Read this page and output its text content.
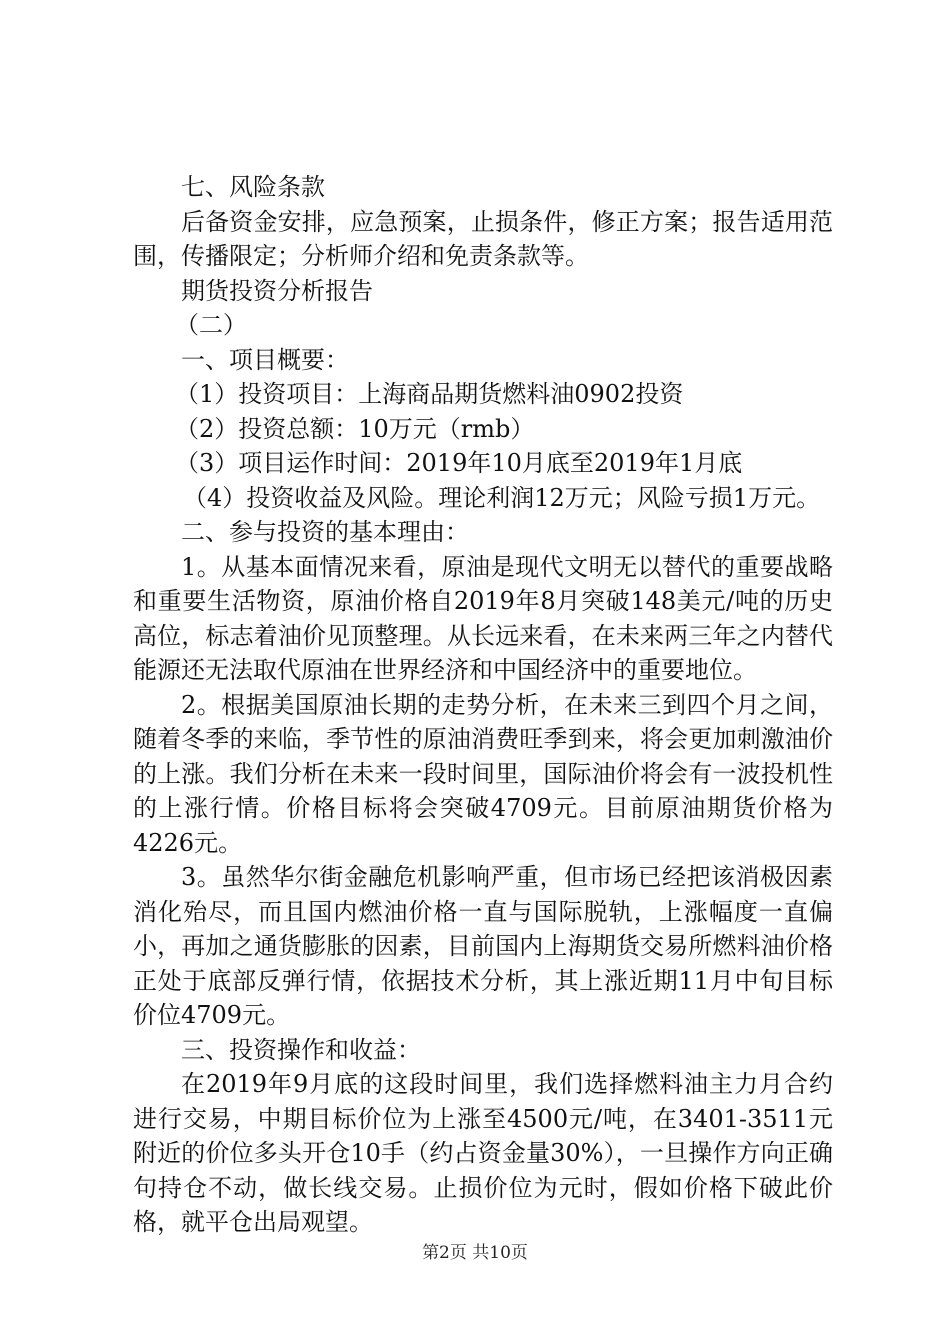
七、风险条款

后备资金安排，应急预案，止损条件，修正方案；报告适用范围，传播限定；分析师介绍和免责条款等。

期货投资分析报告

（二）

一、项目概要：

（1）投资项目：上海商品期货燃料油0902投资

（2）投资总额：10万元（rmb）

（3）项目运作时间：2019年10月底至2019年1月底

（4）投资收益及风险。理论利润12万元；风险亏损1万元。

二、参与投资的基本理由：

1。从基本面情况来看，原油是现代文明无以替代的重要战略和重要生活物资，原油价格自2019年8月突破148美元/吨的历史高位，标志着油价见顶整理。从长远来看，在未来两三年之内替代能源还无法取代原油在世界经济和中国经济中的重要地位。

2。根据美国原油长期的走势分析，在未来三到四个月之间，随着冬季的来临，季节性的原油消费旺季到来，将会更加刺激油价的上涨。我们分析在未来一段时间里，国际油价将会有一波投机性的上涨行情。价格目标将会突破4709元。目前原油期货价格为4226元。

3。虽然华尔街金融危机影响严重，但市场已经把该消极因素消化殆尽，而且国内燃油价格一直与国际脱轨，上涨幅度一直偏小，再加之通货膨胀的因素，目前国内上海期货交易所燃料油价格正处于底部反弹行情，依据技术分析，其上涨近期11月中旬目标价位4709元。

三、投资操作和收益：

在2019年9月底的这段时间里，我们选择燃料油主力月合约进行交易，中期目标价位为上涨至4500元/吨，在3401-3511元附近的价位多头开仓10手（约占资金量30%），一旦操作方向正确句持仓不动，做长线交易。止损价位为元时，假如价格下破此价格，就平仓出局观望。

第2页 共10页
